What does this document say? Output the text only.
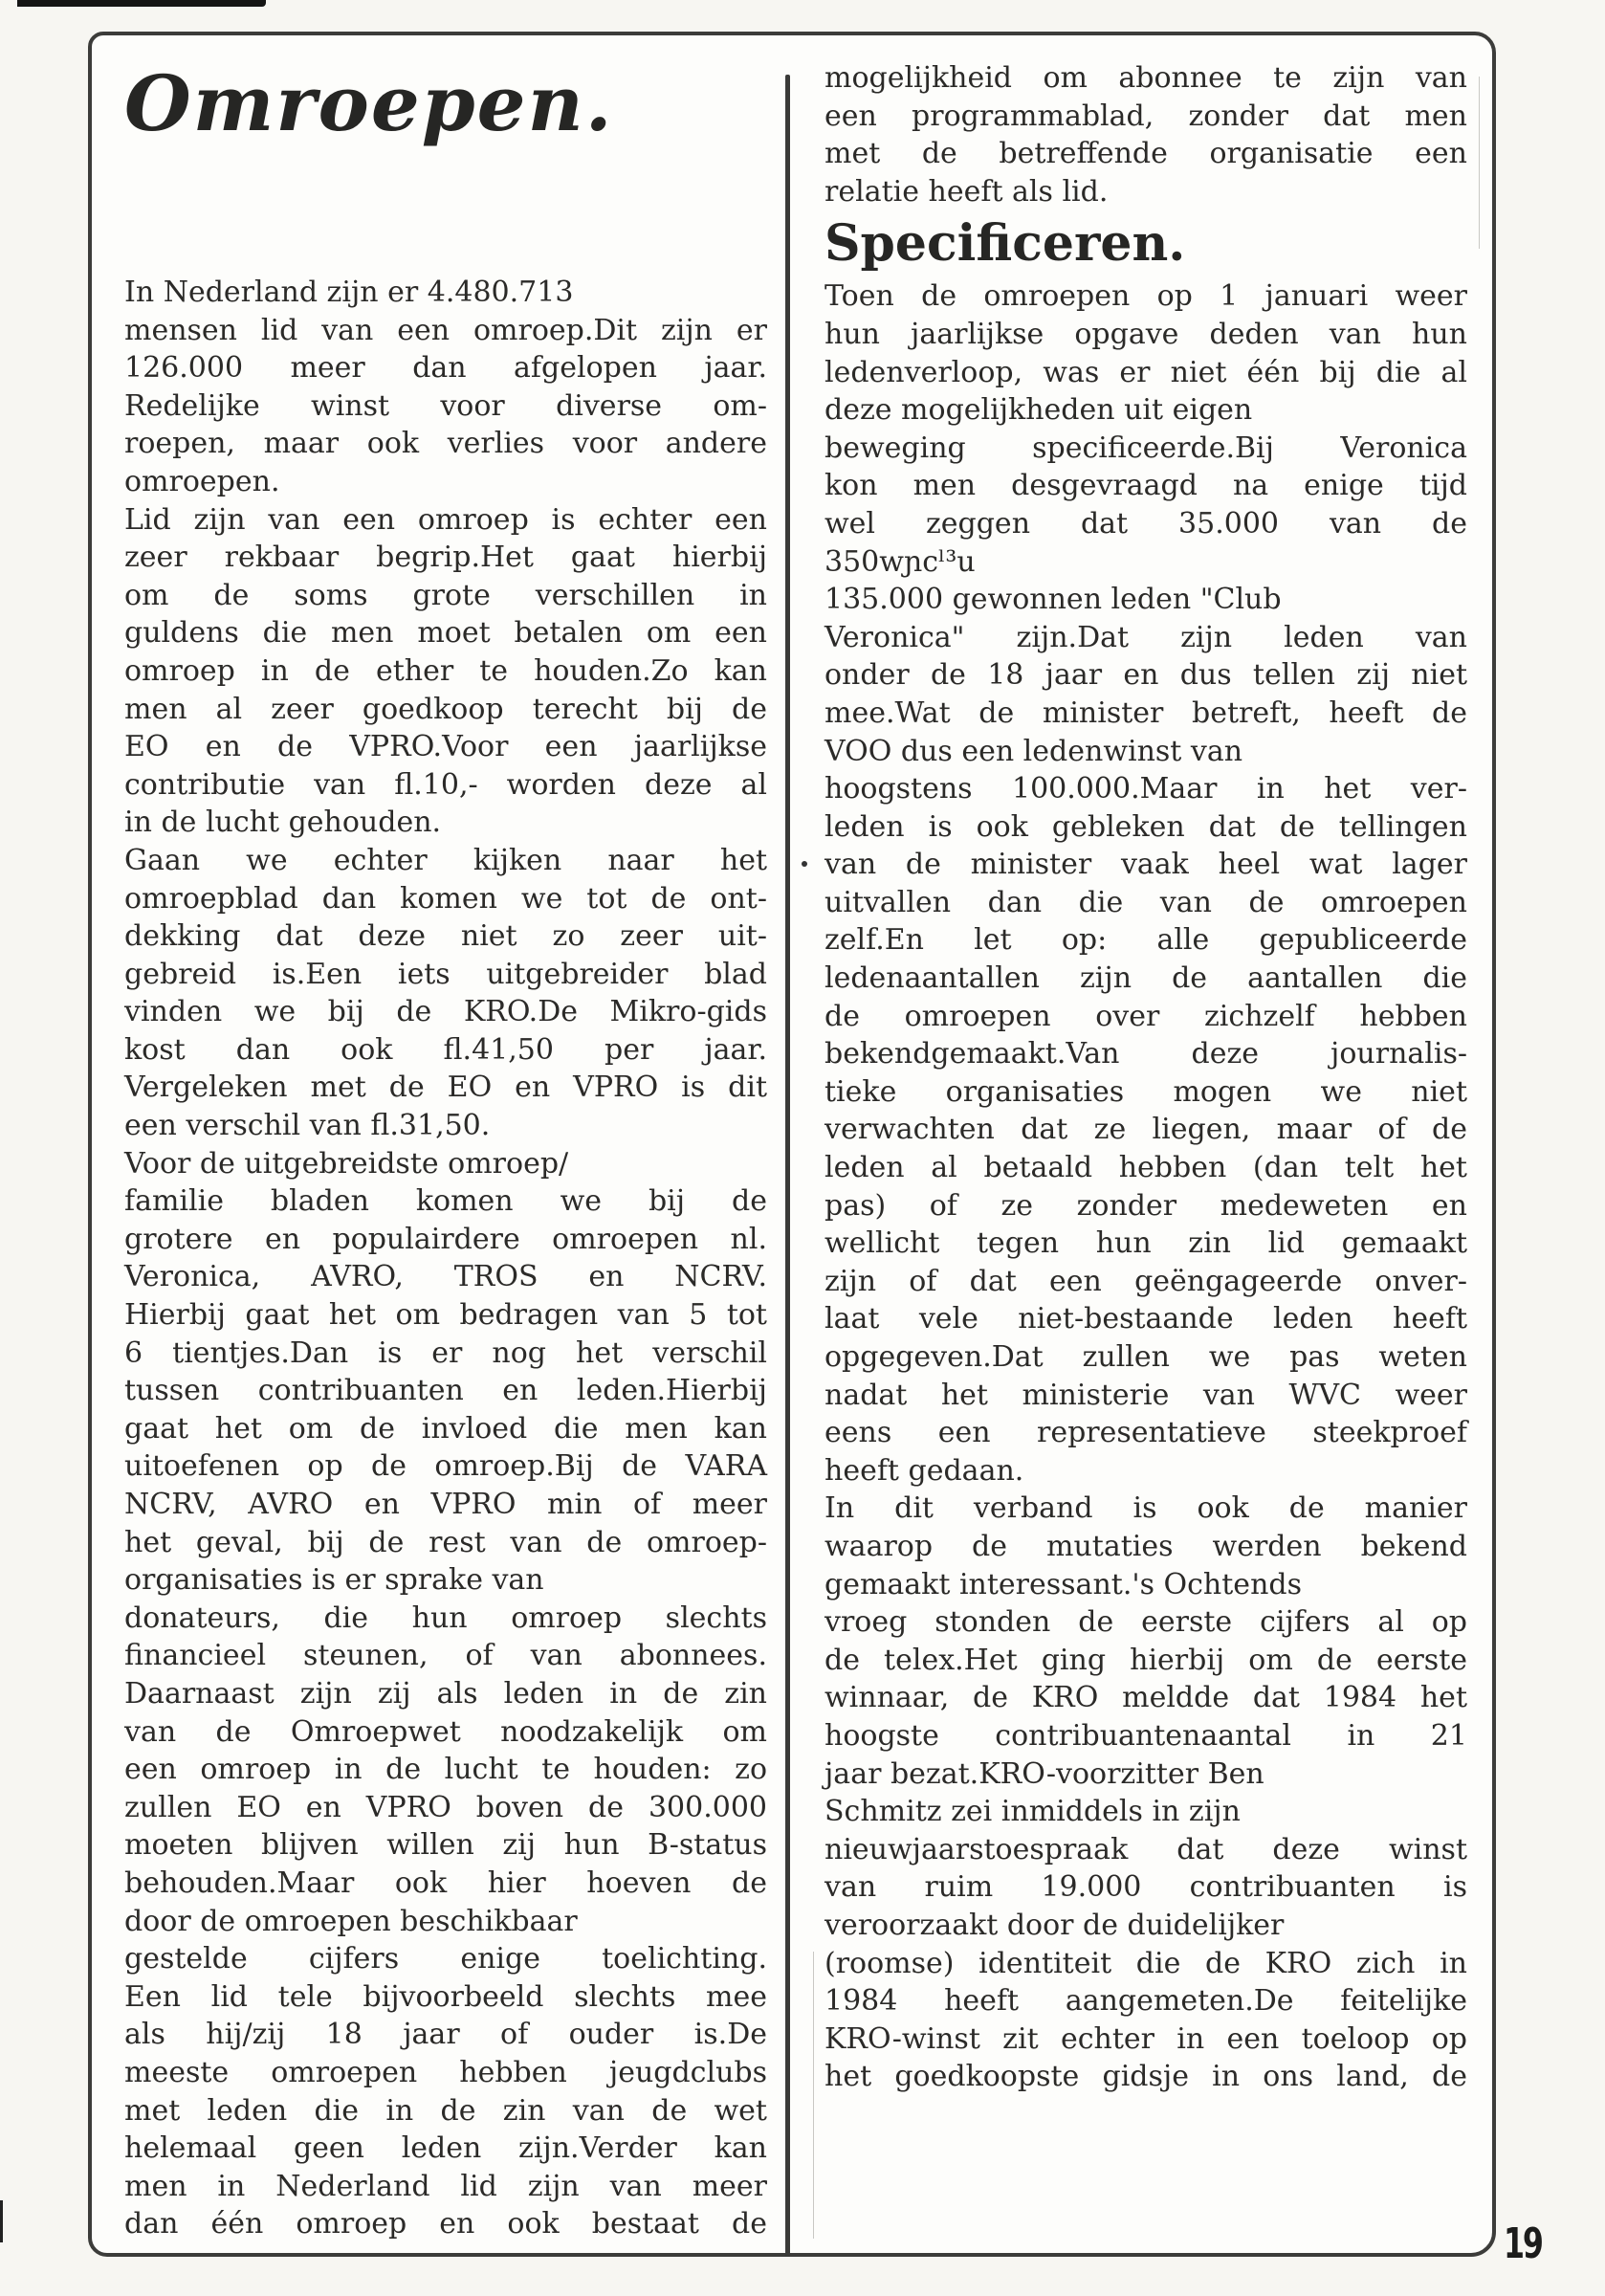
Omroepen.
In Nederland zijn er 4.480.713
mensen lid van een omroep.Dit zijn er
126.000 meer dan afgelopen jaar.
Redelijke winst voor diverse om-
roepen, maar ook verlies voor andere
omroepen.
Lid zijn van een omroep is echter een
zeer rekbaar begrip.Het gaat hierbij
om de soms grote verschillen in
guldens die men moet betalen om een
omroep in de ether te houden.Zo kan
men al zeer goedkoop terecht bij de
EO en de VPRO.Voor een jaarlijkse
contributie van fl.10,- worden deze al
in de lucht gehouden.
Gaan we echter kijken naar het
omroepblad dan komen we tot de ont-
dekking dat deze niet zo zeer uit-
gebreid is.Een iets uitgebreider blad
vinden we bij de KRO.De Mikro-gids
kost dan ook fl.41,50 per jaar.
Vergeleken met de EO en VPRO is dit
een verschil van fl.31,50.
Voor de uitgebreidste omroep/
familie bladen komen we bij de
grotere en populairdere omroepen nl.
Veronica, AVRO, TROS en NCRV.
Hierbij gaat het om bedragen van 5 tot
6 tientjes.Dan is er nog het verschil
tussen contribuanten en leden.Hierbij
gaat het om de invloed die men kan
uitoefenen op de omroep.Bij de VARA
NCRV, AVRO en VPRO min of meer
het geval, bij de rest van de omroep-
organisaties is er sprake van
donateurs, die hun omroep slechts
financieel steunen, of van abonnees.
Daarnaast zijn zij als leden in de zin
van de Omroepwet noodzakelijk om
een omroep in de lucht te houden: zo
zullen EO en VPRO boven de 300.000
moeten blijven willen zij hun B-status
behouden.Maar ook hier hoeven de
door de omroepen beschikbaar
gestelde cijfers enige toelichting.
Een lid tele bijvoorbeeld slechts mee
als hij/zij 18 jaar of ouder is.De
meeste omroepen hebben jeugdclubs
met leden die in de zin van de wet
helemaal geen leden zijn.Verder kan
men in Nederland lid zijn van meer
dan één omroep en ook bestaat de
mogelijkheid om abonnee te zijn van
een programmablad, zonder dat men
met de betreffende organisatie een
relatie heeft als lid.
Specificeren.
Toen de omroepen op 1 januari weer
hun jaarlijkse opgave deden van hun
ledenverloop, was er niet één bij die al
deze mogelijkheden uit eigen
beweging specificeerde.Bij Veronica
kon men desgevraagd na enige tijd
wel zeggen dat 35.000 van de
350wɲcˡ³u
135.000 gewonnen leden "Club
Veronica" zijn.Dat zijn leden van
onder de 18 jaar en dus tellen zij niet
mee.Wat de minister betreft, heeft de
VOO dus een ledenwinst van
hoogstens 100.000.Maar in het ver-
leden is ook gebleken dat de tellingen
van de minister vaak heel wat lager
uitvallen dan die van de omroepen
zelf.En let op: alle gepubliceerde
ledenaantallen zijn de aantallen die
de omroepen over zichzelf hebben
bekendgemaakt.Van deze journalis-
tieke organisaties mogen we niet
verwachten dat ze liegen, maar of de
leden al betaald hebben (dan telt het
pas) of ze zonder medeweten en
wellicht tegen hun zin lid gemaakt
zijn of dat een geëngageerde onver-
laat vele niet-bestaande leden heeft
opgegeven.Dat zullen we pas weten
nadat het ministerie van WVC weer
eens een representatieve steekproef
heeft gedaan.
In dit verband is ook de manier
waarop de mutaties werden bekend
gemaakt interessant.'s Ochtends
vroeg stonden de eerste cijfers al op
de telex.Het ging hierbij om de eerste
winnaar, de KRO meldde dat 1984 het
hoogste contribuantenaantal in 21
jaar bezat.KRO-voorzitter Ben
Schmitz zei inmiddels in zijn
nieuwjaarstoespraak dat deze winst
van ruim 19.000 contribuanten is
veroorzaakt door de duidelijker
(roomse) identiteit die de KRO zich in
1984 heeft aangemeten.De feitelijke
KRO-winst zit echter in een toeloop op
het goedkoopste gidsje in ons land, de
19
